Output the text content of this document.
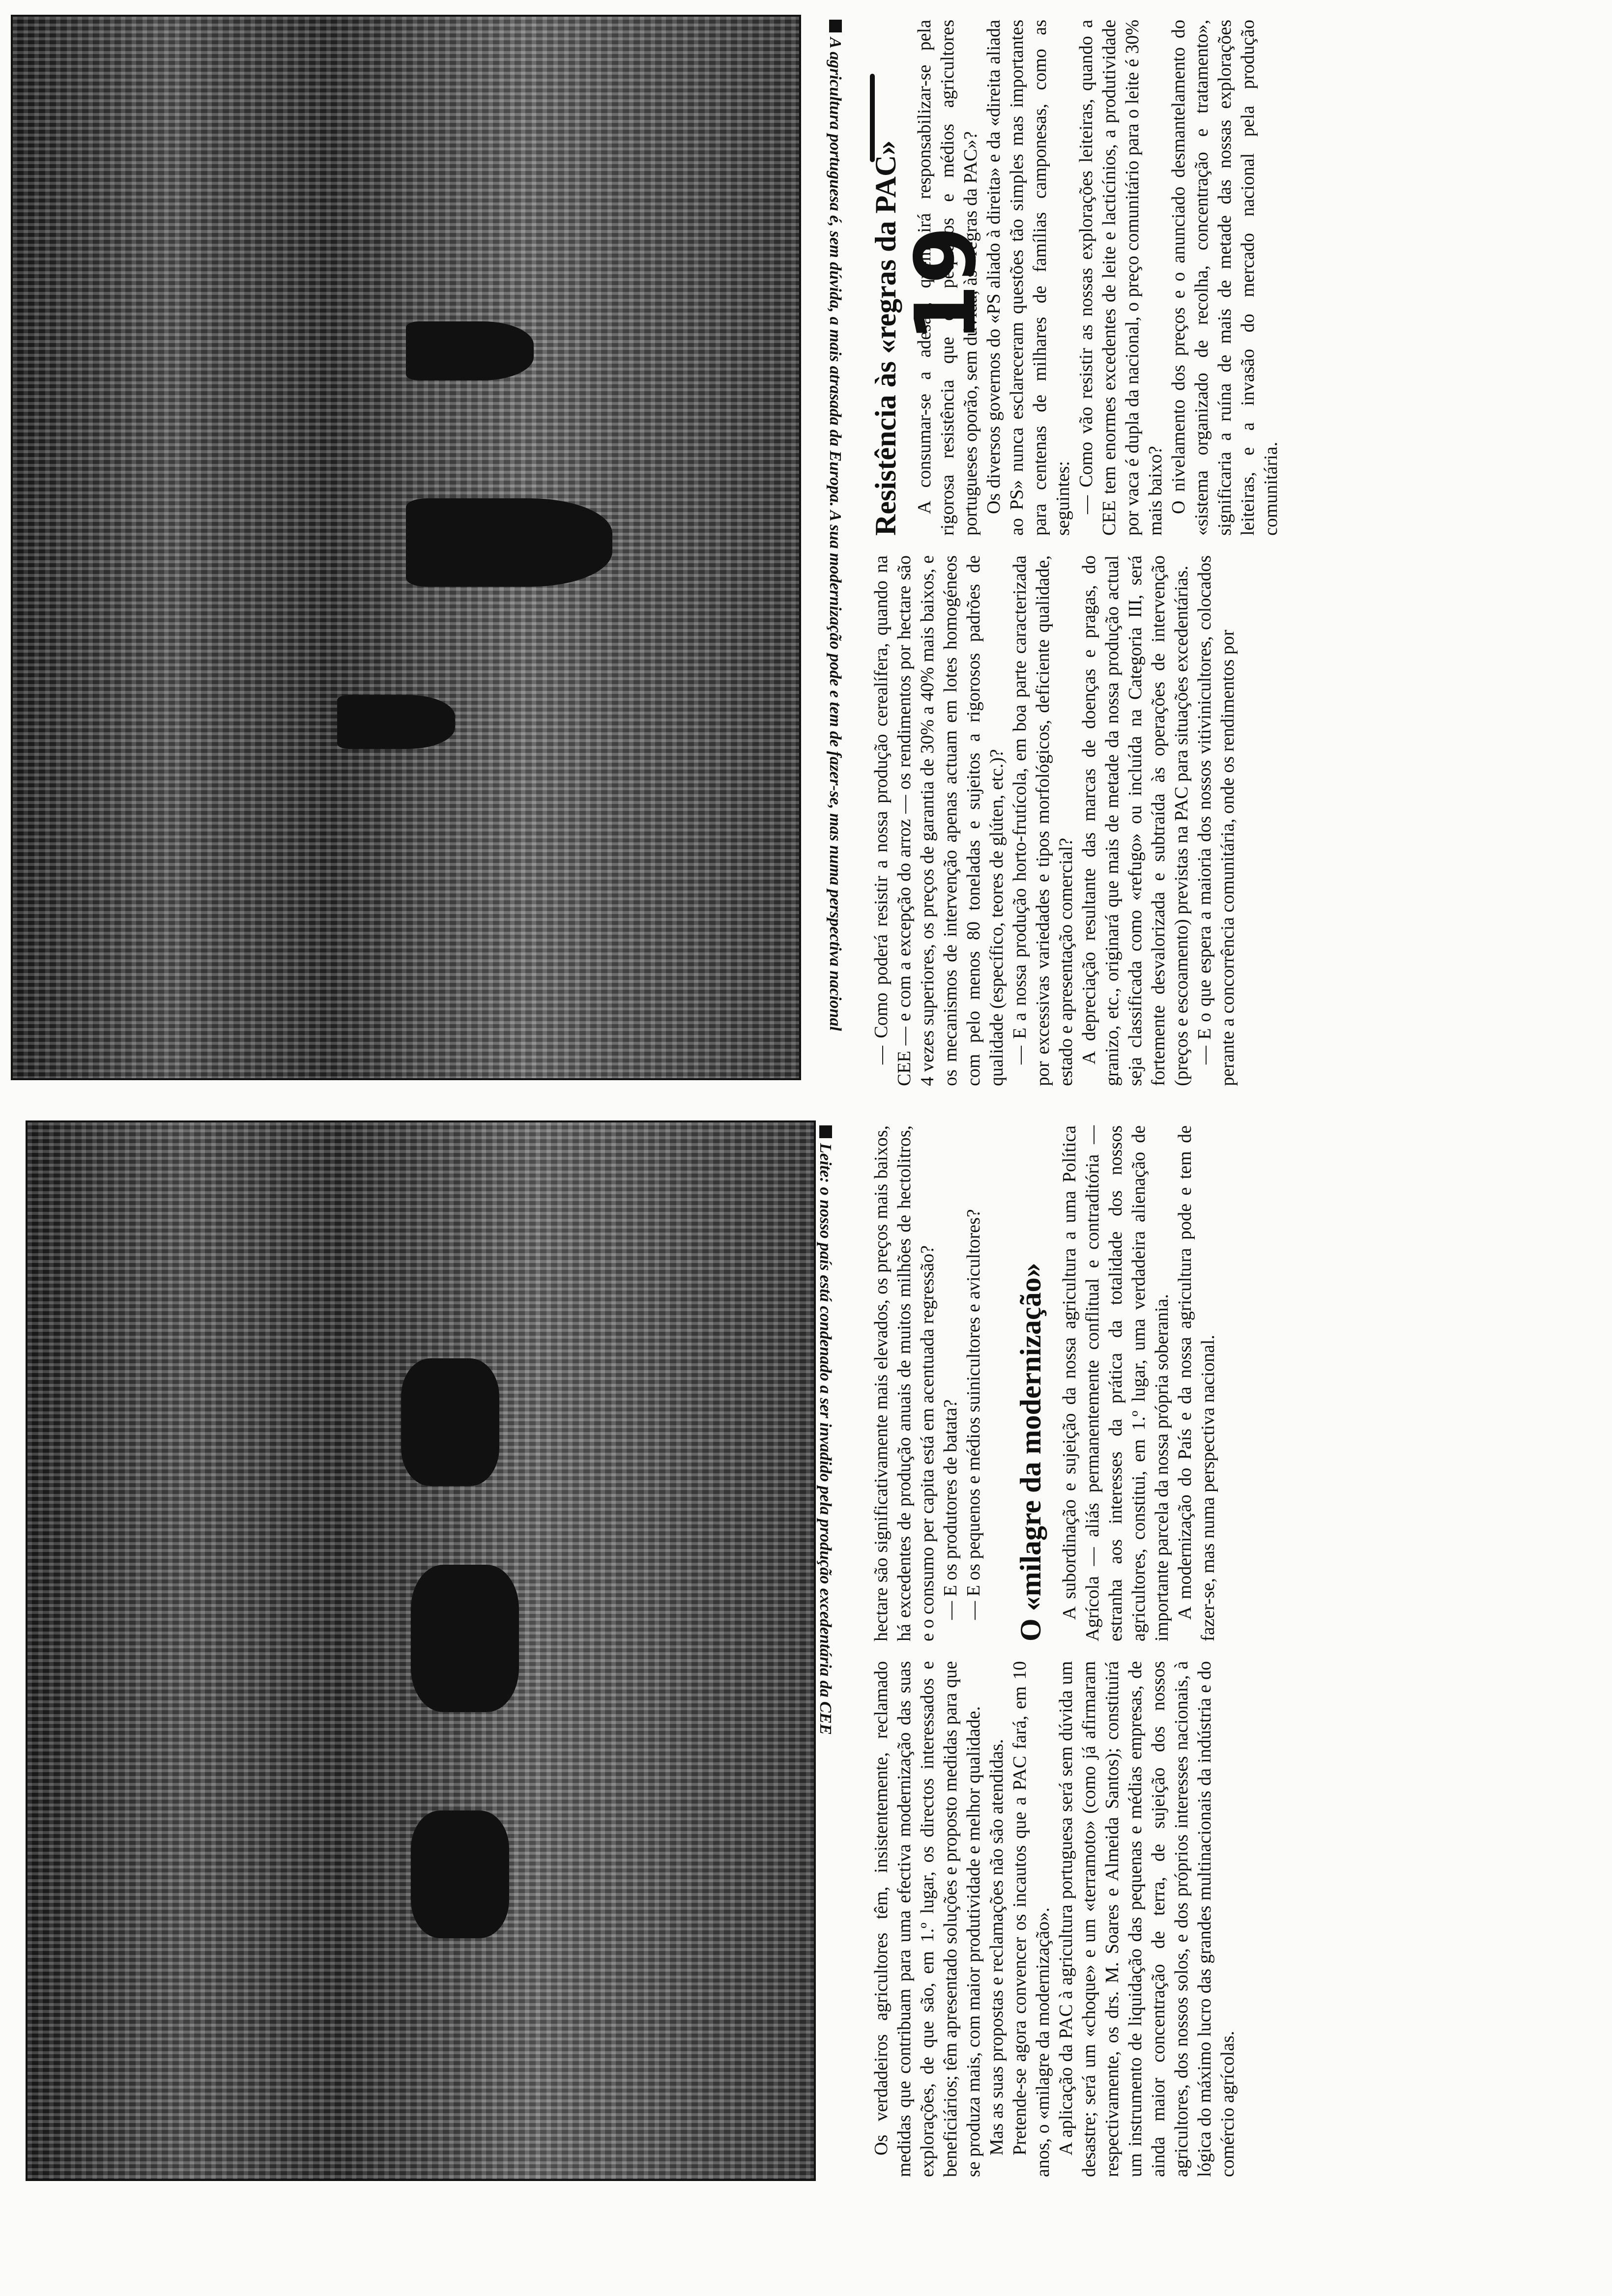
A agricultura portuguesa é, sem dúvida, a mais atrasada da Europa. A sua modernização pode e tem de fazer-se, mas numa perspectiva nacional
Leite: o nosso país está condenado a ser invadido pela produção excedentária da CEE
19
Resistência às «regras da PAC» A consumar-se a adesão, quem irá responsabilizar-se pela rigorosa resistência que os pequenos e médios agricultores portugueses oporão, sem dúvida, às «regras da PAC»? Os diversos governos do «PS aliado à direita» e da «direita aliada ao PS» nunca esclareceram questões tão simples mas importantes para centenas de milhares de famílias camponesas, como as seguintes: — Como vão resistir as nossas explorações leiteiras, quando a CEE tem enormes excedentes de leite e lacticínios, a produtividade por vaca é dupla da nacional, o preço comunitário para o leite é 30% mais baixo? O nivelamento dos preços e o anunciado desmantelamento do «sistema organizado de recolha, concentração e tratamento», significaria a ruína de mais de metade das nossas explorações leiteiras, e a invasão do mercado nacional pela produção comunitária.

— Como poderá resistir a nossa produção cerealífera, quando na CEE — e com a excepção do arroz — os rendimentos por hectare são 4 vezes superiores, os preços de garantia de 30% a 40% mais baixos, e os mecanismos de intervenção apenas actuam em lotes homogéneos com pelo menos 80 toneladas e sujeitos a rigorosos padrões de qualidade (específico, teores de glúten, etc.)? — E a nossa produção horto-frutícola, em boa parte caracterizada por excessivas variedades e tipos morfológicos, deficiente qualidade, estado e apresentação comercial? A depreciação resultante das marcas de doenças e pragas, do granizo, etc., originará que mais de metade da nossa produção actual seja classificada como «refugo» ou incluída na Categoria III, será fortemente desvalorizada e subtraída às operações de intervenção (preços e escoamento) previstas na PAC para situações excedentárias. — E o que espera a maioria dos nossos vitivinicultores, colocados perante a concorrência comunitária, onde os rendimentos por

hectare são significativamente mais elevados, os preços mais baixos, há excedentes de produção anuais de muitos milhões de hectolitros, e o consumo per capita está em acentuada regressão? — E os produtores de batata? — E os pequenos e médios suinicultores e avicultores? O «milagre da modernização» A subordinação e sujeição da nossa agricultura a uma Política Agrícola — aliás permanentemente conflitual e contraditória — estranha aos interesses da prática da totalidade dos nossos agricultores, constitui, em 1.º lugar, uma verdadeira alienação de importante parcela da nossa própria soberania. A modernização do País e da nossa agricultura pode e tem de fazer-se, mas numa perspectiva nacional.

Os verdadeiros agricultores têm, insistentemente, reclamado medidas que contribuam para uma efectiva modernização das suas explorações, de que são, em 1.º lugar, os directos interessados e beneficiários; têm apresentado soluções e proposto medidas para que se produza mais, com maior produtividade e melhor qualidade. Mas as suas propostas e reclamações não são atendidas. Pretende-se agora convencer os incautos que a PAC fará, em 10 anos, o «milagre da modernização». A aplicação da PAC à agricultura portuguesa será sem dúvida um desastre; será um «choque» e um «terramoto» (como já afirmaram respectivamente, os drs. M. Soares e Almeida Santos); constituirá um instrumento de liquidação das pequenas e médias empresas, de ainda maior concentração de terra, de sujeição dos nossos agricultores, dos nossos solos, e dos próprios interesses nacionais, à lógica do máximo lucro das grandes multinacionais da indústria e do comércio agrícolas.
